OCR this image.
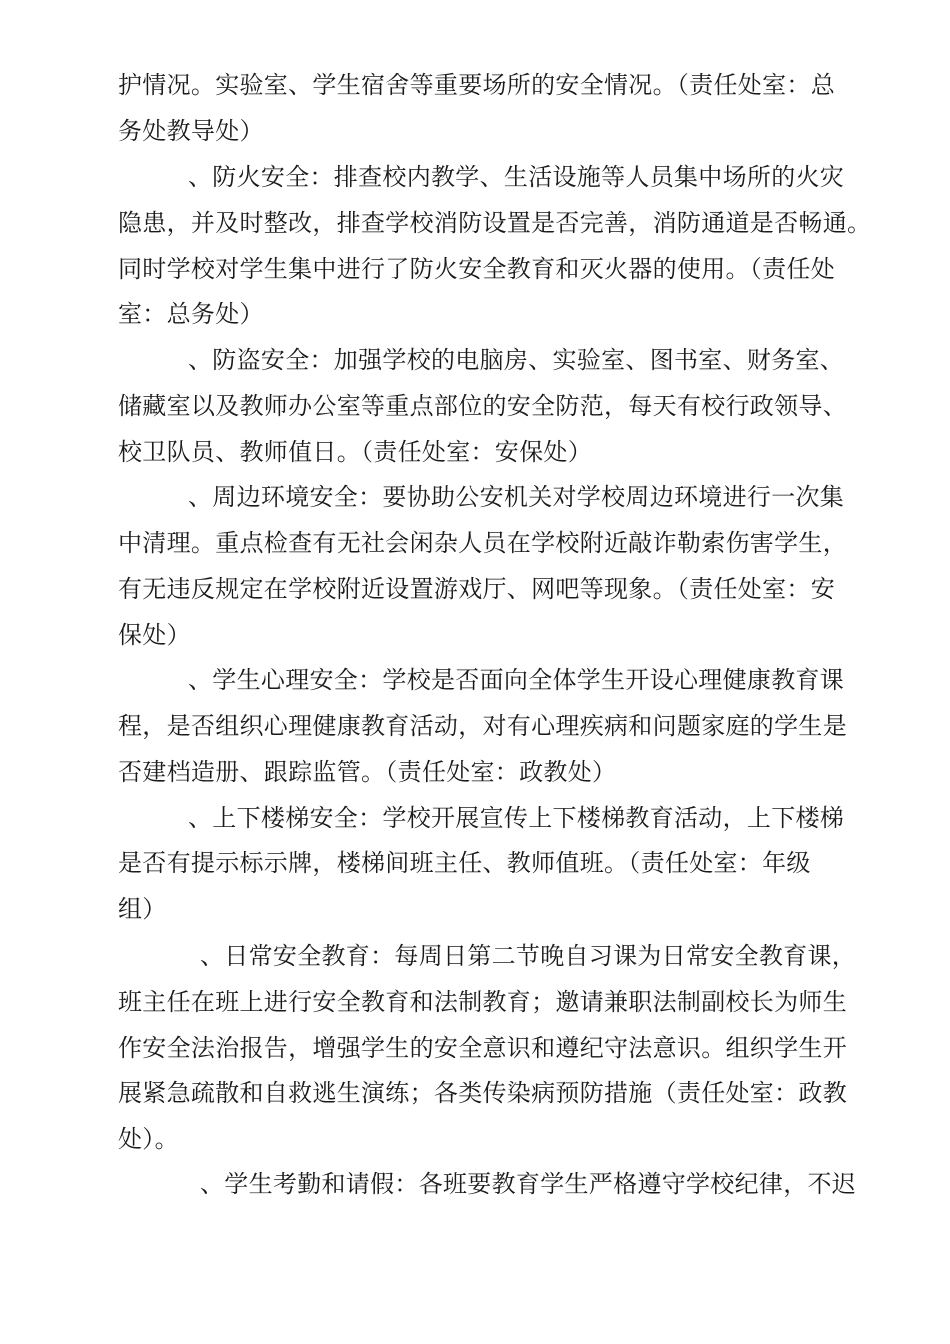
护情况。实验室、学生宿舍等重要场所的安全情况。（责任处室：总
务处教导处）
、防火安全：排查校内教学、生活设施等人员集中场所的火灾
隐患，并及时整改，排查学校消防设置是否完善，消防通道是否畅通。
同时学校对学生集中进行了防火安全教育和灭火器的使用。（责任处
室：总务处）
、防盗安全：加强学校的电脑房、实验室、图书室、财务室、
储藏室以及教师办公室等重点部位的安全防范，每天有校行政领导、
校卫队员、教师值日。（责任处室：安保处）
、周边环境安全：要协助公安机关对学校周边环境进行一次集
中清理。重点检查有无社会闲杂人员在学校附近敲诈勒索伤害学生，
有无违反规定在学校附近设置游戏厅、网吧等现象。（责任处室：安
保处）
、学生心理安全：学校是否面向全体学生开设心理健康教育课
程，是否组织心理健康教育活动，对有心理疾病和问题家庭的学生是
否建档造册、跟踪监管。（责任处室：政教处）
、上下楼梯安全：学校开展宣传上下楼梯教育活动，上下楼梯
是否有提示标示牌，楼梯间班主任、教师值班。（责任处室：年级
组）
、日常安全教育：每周日第二节晚自习课为日常安全教育课，
班主任在班上进行安全教育和法制教育；邀请兼职法制副校长为师生
作安全法治报告，增强学生的安全意识和遵纪守法意识。组织学生开
展紧急疏散和自救逃生演练；各类传染病预防措施（责任处室：政教
处）。
、学生考勤和请假：各班要教育学生严格遵守学校纪律，不迟
